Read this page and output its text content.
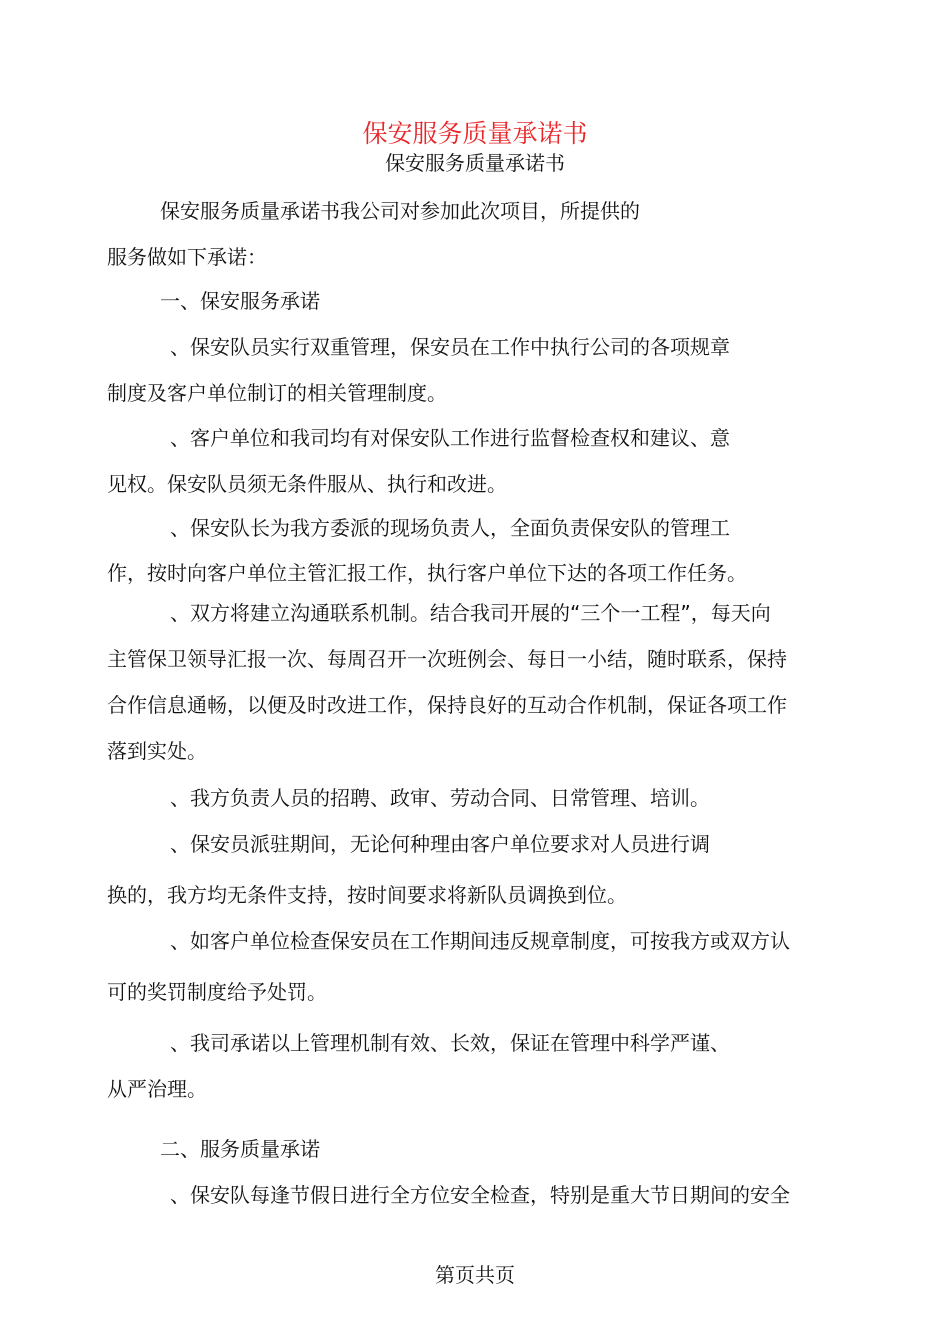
保安服务质量承诺书
保安服务质量承诺书
保安服务质量承诺书我公司对参加此次项目，所提供的
服务做如下承诺：
一、保安服务承诺
、保安队员实行双重管理，保安员在工作中执行公司的各项规章
制度及客户单位制订的相关管理制度。
、客户单位和我司均有对保安队工作进行监督检查权和建议、意
见权。保安队员须无条件服从、执行和改进。
、保安队长为我方委派的现场负责人，全面负责保安队的管理工
作，按时向客户单位主管汇报工作，执行客户单位下达的各项工作任务。
、双方将建立沟通联系机制。结合我司开展的“三个一工程”，每天向
主管保卫领导汇报一次、每周召开一次班例会、每日一小结，随时联系，保持
合作信息通畅，以便及时改进工作，保持良好的互动合作机制，保证各项工作
落到实处。
、我方负责人员的招聘、政审、劳动合同、日常管理、培训。
、保安员派驻期间，无论何种理由客户单位要求对人员进行调
换的，我方均无条件支持，按时间要求将新队员调换到位。
、如客户单位检查保安员在工作期间违反规章制度，可按我方或双方认
可的奖罚制度给予处罚。
、我司承诺以上管理机制有效、长效，保证在管理中科学严谨、
从严治理。
二、服务质量承诺
、保安队每逢节假日进行全方位安全检查，特别是重大节日期间的安全
第页共页
